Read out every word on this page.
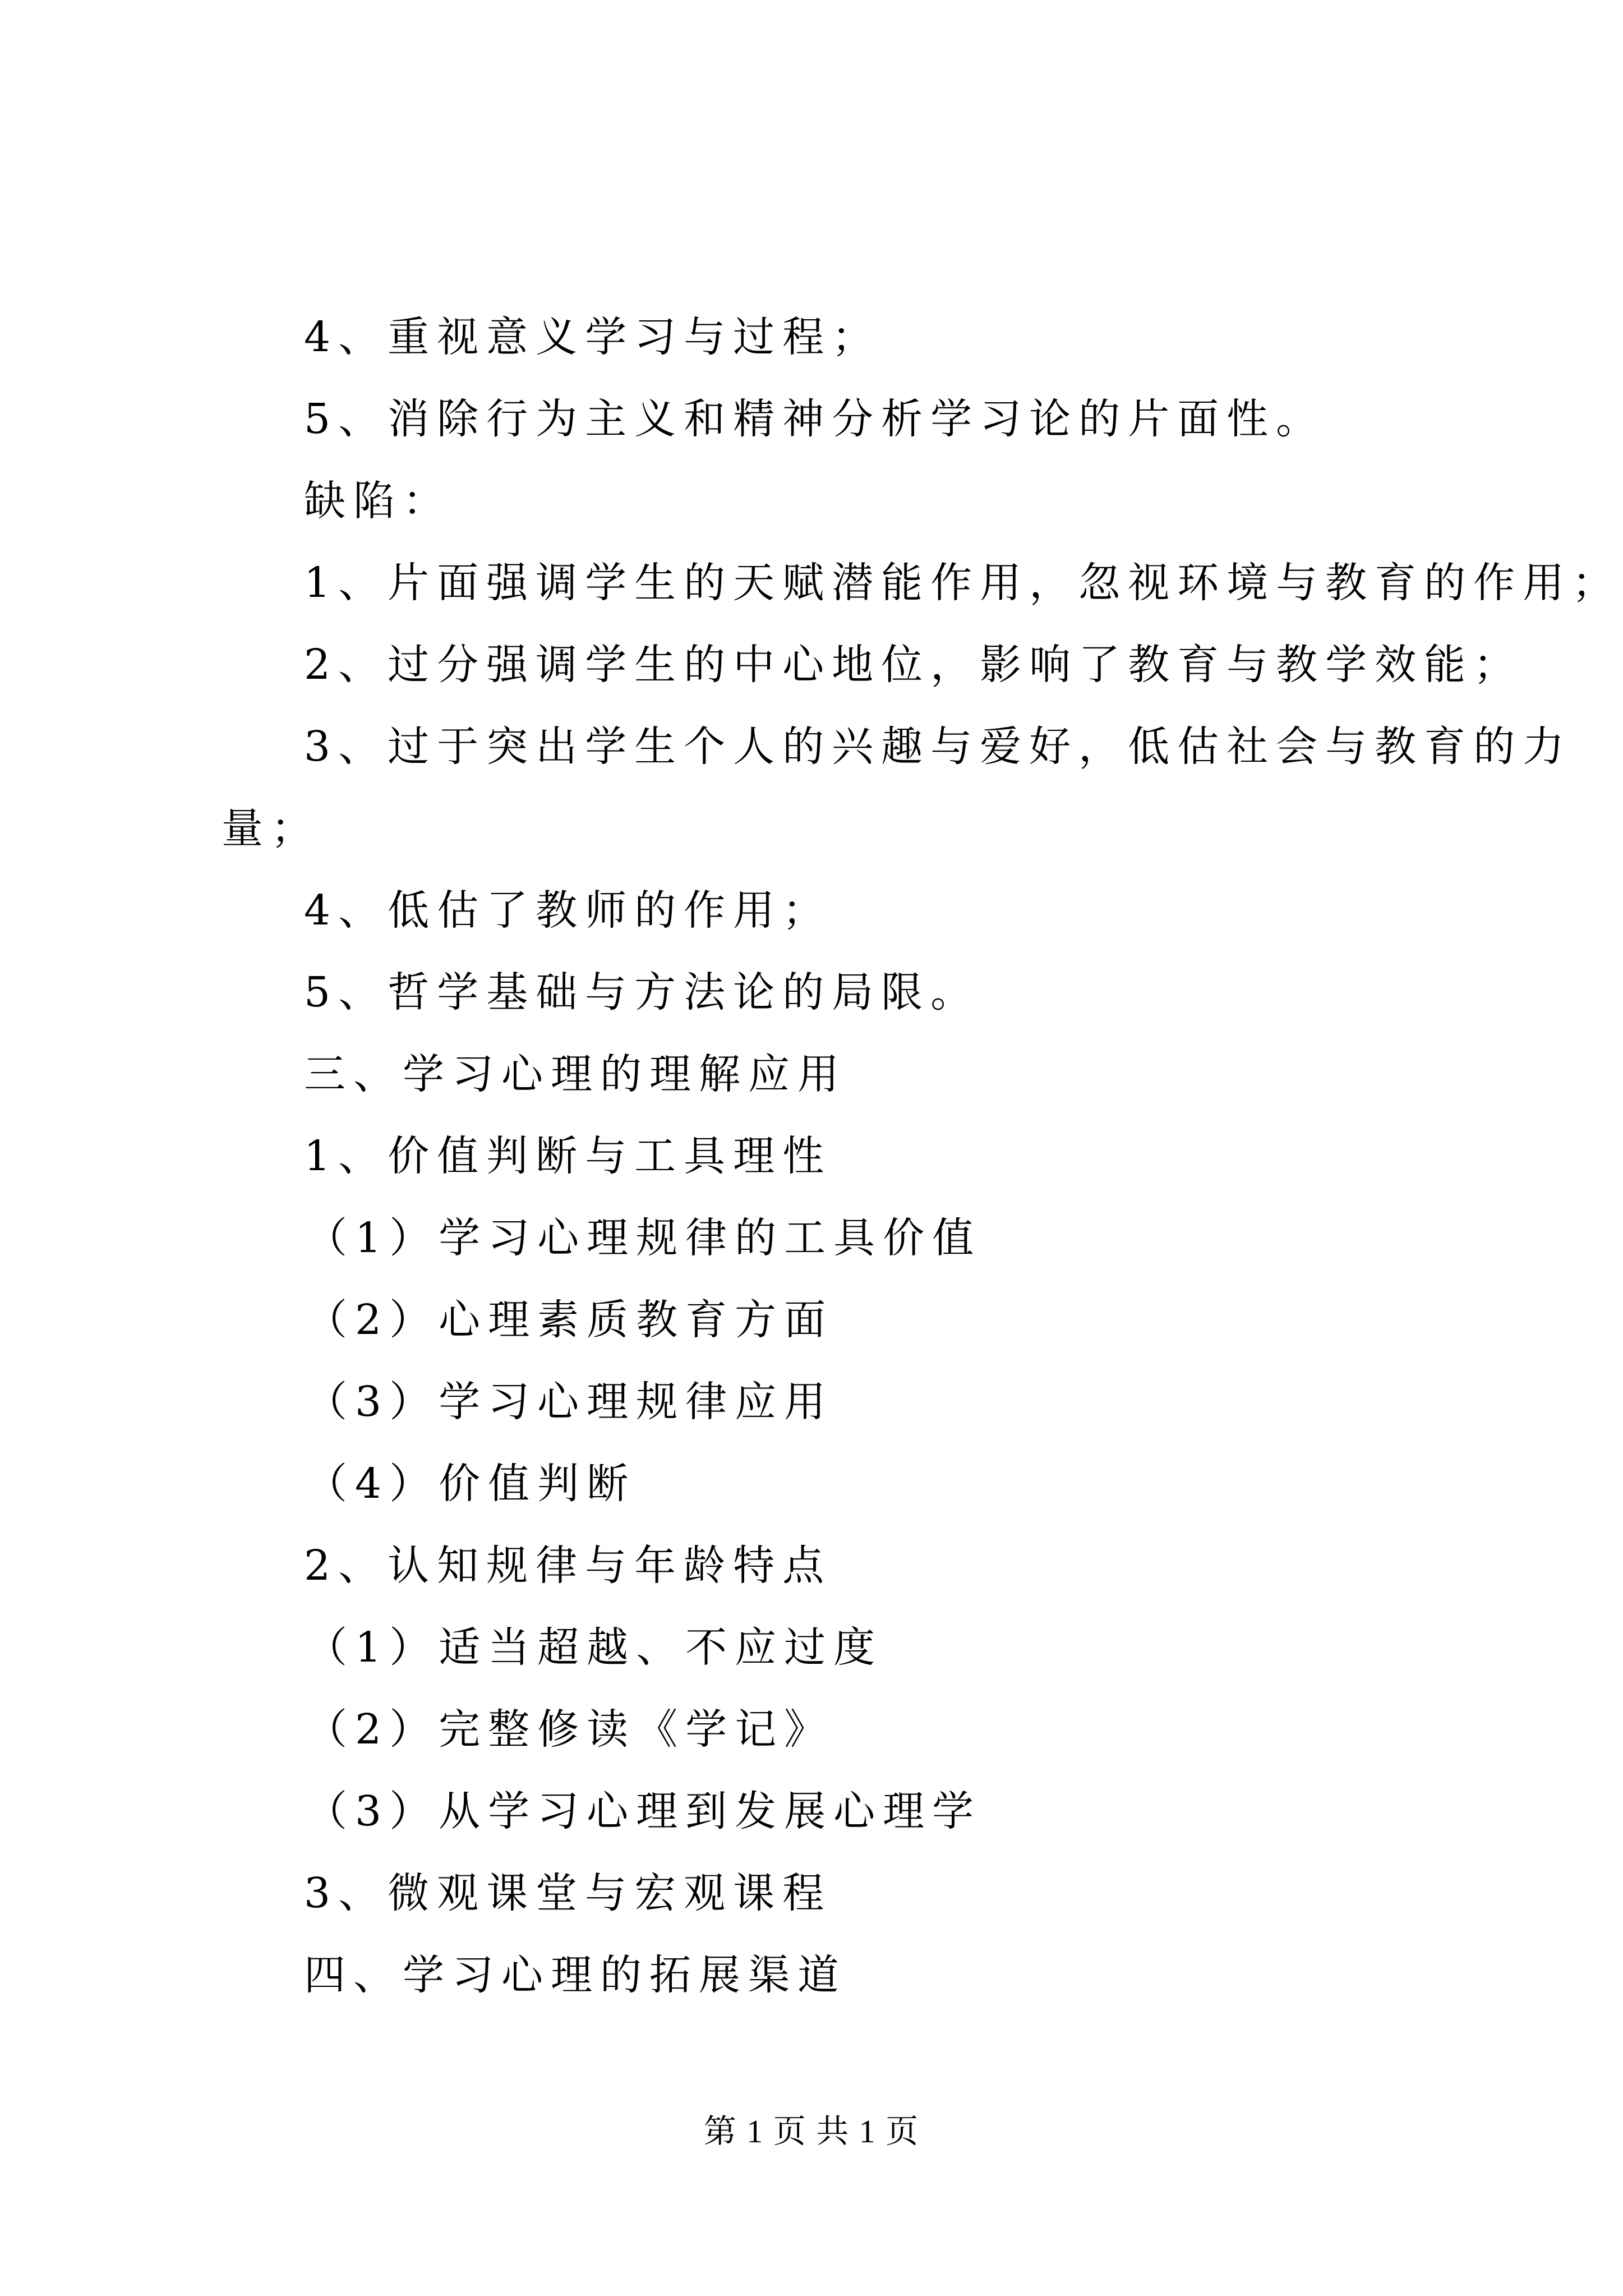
4、重视意义学习与过程；
5、消除行为主义和精神分析学习论的片面性。
缺陷：
1、片面强调学生的天赋潜能作用，忽视环境与教育的作用；
2、过分强调学生的中心地位，影响了教育与教学效能；
3、过于突出学生个人的兴趣与爱好，低估社会与教育的力
量；
4、低估了教师的作用；
5、哲学基础与方法论的局限。
三、学习心理的理解应用
1、价值判断与工具理性
（1）学习心理规律的工具价值
（2）心理素质教育方面
（3）学习心理规律应用
（4）价值判断
2、认知规律与年龄特点
（1）适当超越、不应过度
（2）完整修读《学记》
（3）从学习心理到发展心理学
3、微观课堂与宏观课程
四、学习心理的拓展渠道
第 1 页 共 1 页
